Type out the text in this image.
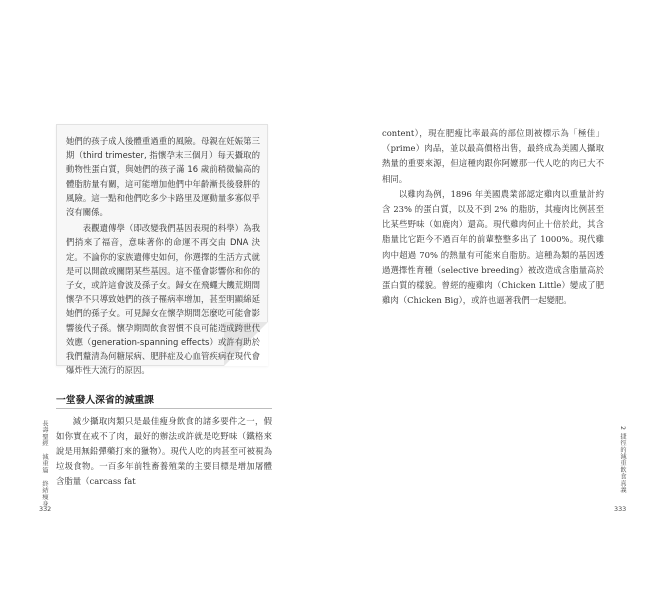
她們的孩子成人後體重過重的風險。母親在妊娠第三期（third trimester, 指懷孕末三個月）每天攝取的動物性蛋白質，與她們的孩子滿 16 歲前稍微偏高的體脂肪量有關，這可能增加他們中年齡漸長後發胖的風險。這一點和他們吃多少卡路里及運動量多寡似乎沒有關係。

表觀遺傳學（即改變我們基因表現的科學）為我們捎來了福音，意味著你的命運不再交由 DNA 決定。不論你的家族遺傳史如何，你選擇的生活方式就是可以開啟或關閉某些基因。這不僅會影響你和你的子女，或許這會波及孫子女。歸女在飛蠅大饑荒期間懷孕不只導致她們的孩子罹病率增加，甚至明顯綿延她們的孫子女。可見歸女在懷孕期間怎麼吃可能會影響後代子孫。懷孕期間飲食習慣不良可能造成跨世代效應（generation-spanning effects）或許有助於我們釐清為何糖尿病、肥胖症及心血管疾病在現代會爆炸性大流行的原因。

一堂發人深省的減重課

減少攝取肉類只是最佳瘦身飲食的諸多要件之一，假如你實在戒不了肉，最好的辦法或許就是吃野味（鐵格來說是用無鉛彈藥打來的獵物）。現代人吃的肉甚至可被視為垃圾食物。一百多年前牲畜養殖業的主要目標是增加屠體含脂量（carcass fat

長壽聖經　減重篇　終結瘦身
332

content），現在肥瘦比率最高的部位則被標示為「極佳」（prime）肉品，並以最高價格出售，最終成為美國人攝取熱量的重要來源，但這種肉跟你阿嬤那一代人吃的肉已大不相同。

以雞肉為例，1896 年美國農業部認定雞肉以重量計約含 23% 的蛋白質，以及不到 2% 的脂肪，其瘦肉比例甚至比某些野味（如鹿肉）還高。現代雞肉何止十倍於此，其含脂量比它距今不過百年的前輩整整多出了 1000%。現代雞肉中超過 70% 的熱量有可能來自脂肪。這種為類的基因透過選擇性育種（selective breeding）被改造成含脂量高於蛋白質的樣貌。曾經的瘦雞肉（Chicken Little）變成了肥雞肉（Chicken Big），或許也逼著我們一起變肥。

2 捷徑的減重飲食真義
333
